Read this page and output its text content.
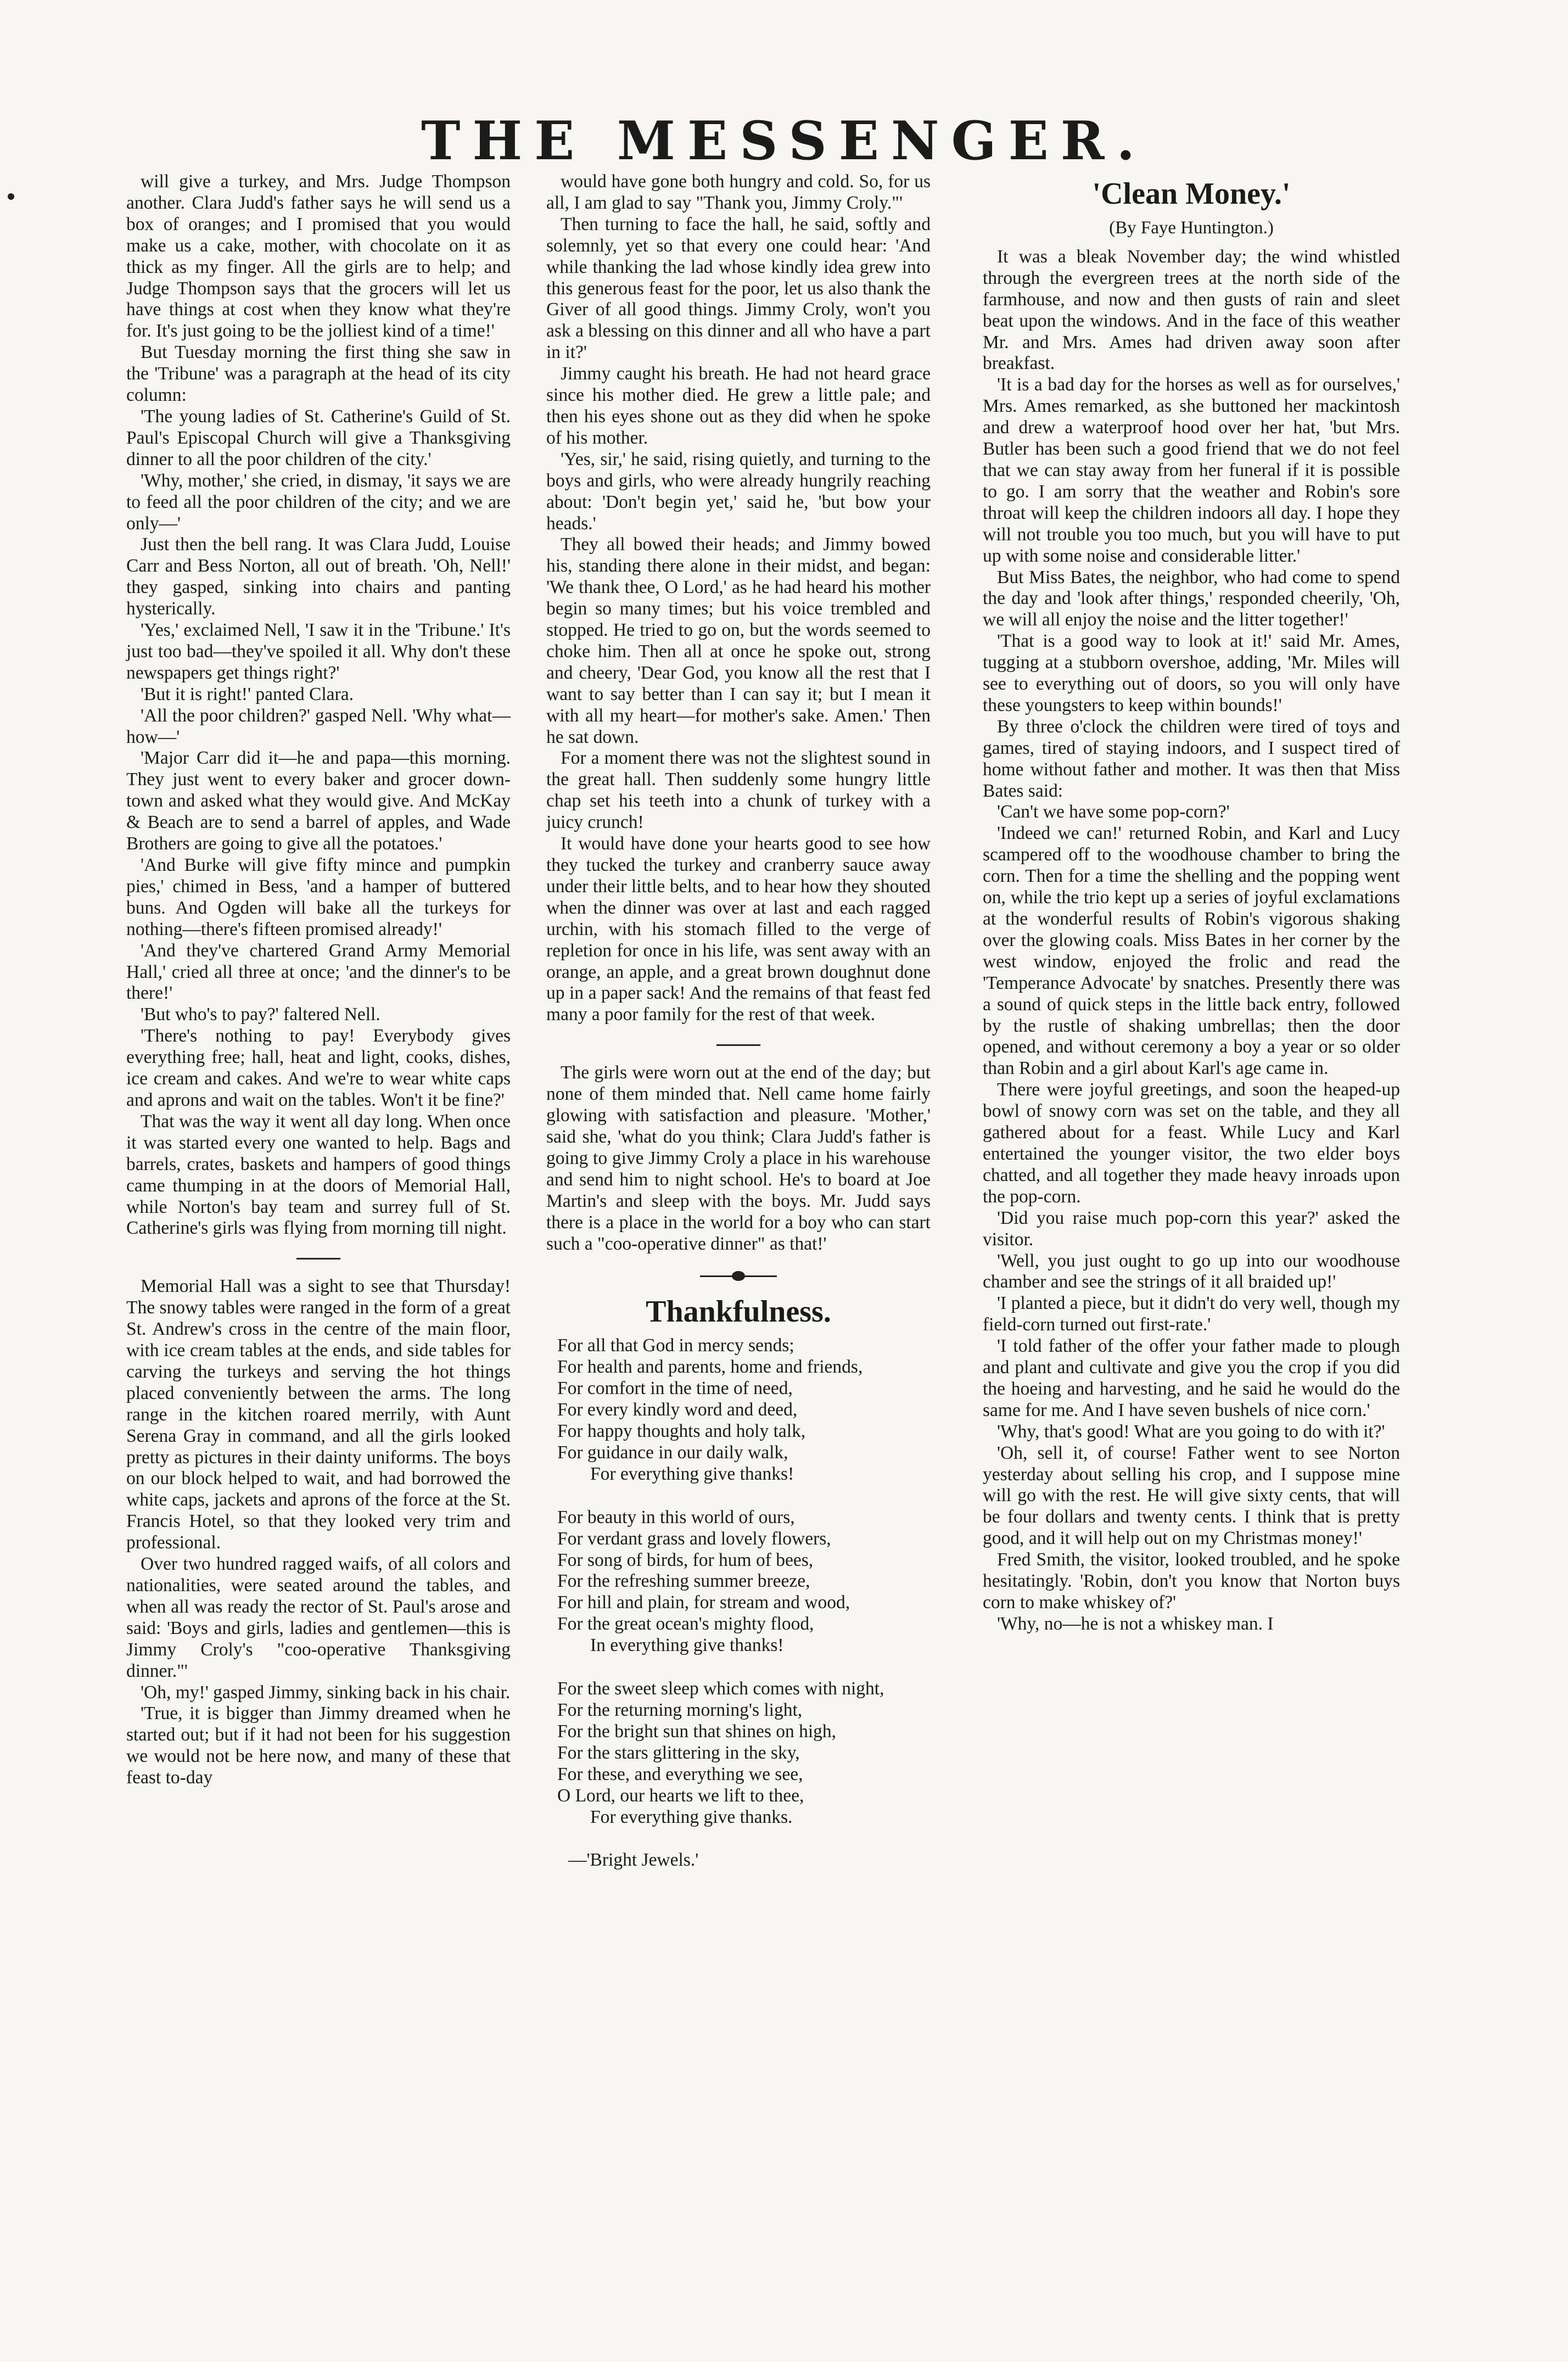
THE MESSENGER.

will give a turkey, and Mrs. Judge Thompson another. Clara Judd's father says he will send us a box of oranges; and I promised that you would make us a cake, mother, with chocolate on it as thick as my finger. All the girls are to help; and Judge Thompson says that the grocers will let us have things at cost when they know what they're for. It's just going to be the jolliest kind of a time!'

But Tuesday morning the first thing she saw in the 'Tribune' was a paragraph at the head of its city column:

'The young ladies of St. Catherine's Guild of St. Paul's Episcopal Church will give a Thanksgiving dinner to all the poor children of the city.'

'Why, mother,' she cried, in dismay, 'it says we are to feed all the poor children of the city; and we are only—'

Just then the bell rang. It was Clara Judd, Louise Carr and Bess Norton, all out of breath. 'Oh, Nell!' they gasped, sinking into chairs and panting hysterically.

'Yes,' exclaimed Nell, 'I saw it in the 'Tribune.' It's just too bad—they've spoiled it all. Why don't these newspapers get things right?'

'But it is right!' panted Clara.

'All the poor children?' gasped Nell. 'Why what—how—'

'Major Carr did it—he and papa—this morning. They just went to every baker and grocer down-town and asked what they would give. And McKay & Beach are to send a barrel of apples, and Wade Brothers are going to give all the potatoes.'

'And Burke will give fifty mince and pumpkin pies,' chimed in Bess, 'and a hamper of buttered buns. And Ogden will bake all the turkeys for nothing—there's fifteen promised already!'

'And they've chartered Grand Army Memorial Hall,' cried all three at once; 'and the dinner's to be there!'

'But who's to pay?' faltered Nell.

'There's nothing to pay! Everybody gives everything free; hall, heat and light, cooks, dishes, ice cream and cakes. And we're to wear white caps and aprons and wait on the tables. Won't it be fine?'

That was the way it went all day long. When once it was started every one wanted to help. Bags and barrels, crates, baskets and hampers of good things came thumping in at the doors of Memorial Hall, while Norton's bay team and surrey full of St. Catherine's girls was flying from morning till night.

Memorial Hall was a sight to see that Thursday! The snowy tables were ranged in the form of a great St. Andrew's cross in the centre of the main floor, with ice cream tables at the ends, and side tables for carving the turkeys and serving the hot things placed conveniently between the arms. The long range in the kitchen roared merrily, with Aunt Serena Gray in command, and all the girls looked pretty as pictures in their dainty uniforms. The boys on our block helped to wait, and had borrowed the white caps, jackets and aprons of the force at the St. Francis Hotel, so that they looked very trim and professional.

Over two hundred ragged waifs, of all colors and nationalities, were seated around the tables, and when all was ready the rector of St. Paul's arose and said: 'Boys and girls, ladies and gentlemen—this is Jimmy Croly's "coo-operative Thanksgiving dinner."'

'Oh, my!' gasped Jimmy, sinking back in his chair.

'True, it is bigger than Jimmy dreamed when he started out; but if it had not been for his suggestion we would not be here now, and many of these that feast to-day

would have gone both hungry and cold. So, for us all, I am glad to say "Thank you, Jimmy Croly."'

Then turning to face the hall, he said, softly and solemnly, yet so that every one could hear: 'And while thanking the lad whose kindly idea grew into this generous feast for the poor, let us also thank the Giver of all good things. Jimmy Croly, won't you ask a blessing on this dinner and all who have a part in it?'

Jimmy caught his breath. He had not heard grace since his mother died. He grew a little pale; and then his eyes shone out as they did when he spoke of his mother.

'Yes, sir,' he said, rising quietly, and turning to the boys and girls, who were already hungrily reaching about: 'Don't begin yet,' said he, 'but bow your heads.'

They all bowed their heads; and Jimmy bowed his, standing there alone in their midst, and began: 'We thank thee, O Lord,' as he had heard his mother begin so many times; but his voice trembled and stopped. He tried to go on, but the words seemed to choke him. Then all at once he spoke out, strong and cheery, 'Dear God, you know all the rest that I want to say better than I can say it; but I mean it with all my heart—for mother's sake. Amen.' Then he sat down.

For a moment there was not the slightest sound in the great hall. Then suddenly some hungry little chap set his teeth into a chunk of turkey with a juicy crunch!

It would have done your hearts good to see how they tucked the turkey and cranberry sauce away under their little belts, and to hear how they shouted when the dinner was over at last and each ragged urchin, with his stomach filled to the verge of repletion for once in his life, was sent away with an orange, an apple, and a great brown doughnut done up in a paper sack! And the remains of that feast fed many a poor family for the rest of that week.

The girls were worn out at the end of the day; but none of them minded that. Nell came home fairly glowing with satisfaction and pleasure. 'Mother,' said she, 'what do you think; Clara Judd's father is going to give Jimmy Croly a place in his warehouse and send him to night school. He's to board at Joe Martin's and sleep with the boys. Mr. Judd says there is a place in the world for a boy who can start such a "coo-operative dinner" as that!'

Thankfulness.
For all that God in mercy sends;
For health and parents, home and friends,
For comfort in the time of need,
For every kindly word and deed,
For happy thoughts and holy talk,
For guidance in our daily walk,
For everything give thanks!
For beauty in this world of ours,
For verdant grass and lovely flowers,
For song of birds, for hum of bees,
For the refreshing summer breeze,
For hill and plain, for stream and wood,
For the great ocean's mighty flood,
In everything give thanks!
For the sweet sleep which comes with night,
For the returning morning's light,
For the bright sun that shines on high,
For the stars glittering in the sky,
For these, and everything we see,
O Lord, our hearts we lift to thee,
For everything give thanks.
—'Bright Jewels.'
'Clean Money.'
(By Faye Huntington.)

It was a bleak November day; the wind whistled through the evergreen trees at the north side of the farmhouse, and now and then gusts of rain and sleet beat upon the windows. And in the face of this weather Mr. and Mrs. Ames had driven away soon after breakfast.

'It is a bad day for the horses as well as for ourselves,' Mrs. Ames remarked, as she buttoned her mackintosh and drew a waterproof hood over her hat, 'but Mrs. Butler has been such a good friend that we do not feel that we can stay away from her funeral if it is possible to go. I am sorry that the weather and Robin's sore throat will keep the children indoors all day. I hope they will not trouble you too much, but you will have to put up with some noise and considerable litter.'

But Miss Bates, the neighbor, who had come to spend the day and 'look after things,' responded cheerily, 'Oh, we will all enjoy the noise and the litter together!'

'That is a good way to look at it!' said Mr. Ames, tugging at a stubborn overshoe, adding, 'Mr. Miles will see to everything out of doors, so you will only have these youngsters to keep within bounds!'

By three o'clock the children were tired of toys and games, tired of staying indoors, and I suspect tired of home without father and mother. It was then that Miss Bates said:

'Can't we have some pop-corn?'

'Indeed we can!' returned Robin, and Karl and Lucy scampered off to the woodhouse chamber to bring the corn. Then for a time the shelling and the popping went on, while the trio kept up a series of joyful exclamations at the wonderful results of Robin's vigorous shaking over the glowing coals. Miss Bates in her corner by the west window, enjoyed the frolic and read the 'Temperance Advocate' by snatches. Presently there was a sound of quick steps in the little back entry, followed by the rustle of shaking umbrellas; then the door opened, and without ceremony a boy a year or so older than Robin and a girl about Karl's age came in.

There were joyful greetings, and soon the heaped-up bowl of snowy corn was set on the table, and they all gathered about for a feast. While Lucy and Karl entertained the younger visitor, the two elder boys chatted, and all together they made heavy inroads upon the pop-corn.

'Did you raise much pop-corn this year?' asked the visitor.

'Well, you just ought to go up into our woodhouse chamber and see the strings of it all braided up!'

'I planted a piece, but it didn't do very well, though my field-corn turned out first-rate.'

'I told father of the offer your father made to plough and plant and cultivate and give you the crop if you did the hoeing and harvesting, and he said he would do the same for me. And I have seven bushels of nice corn.'

'Why, that's good! What are you going to do with it?'

'Oh, sell it, of course! Father went to see Norton yesterday about selling his crop, and I suppose mine will go with the rest. He will give sixty cents, that will be four dollars and twenty cents. I think that is pretty good, and it will help out on my Christmas money!'

Fred Smith, the visitor, looked troubled, and he spoke hesitatingly. 'Robin, don't you know that Norton buys corn to make whiskey of?'

'Why, no—he is not a whiskey man. I
